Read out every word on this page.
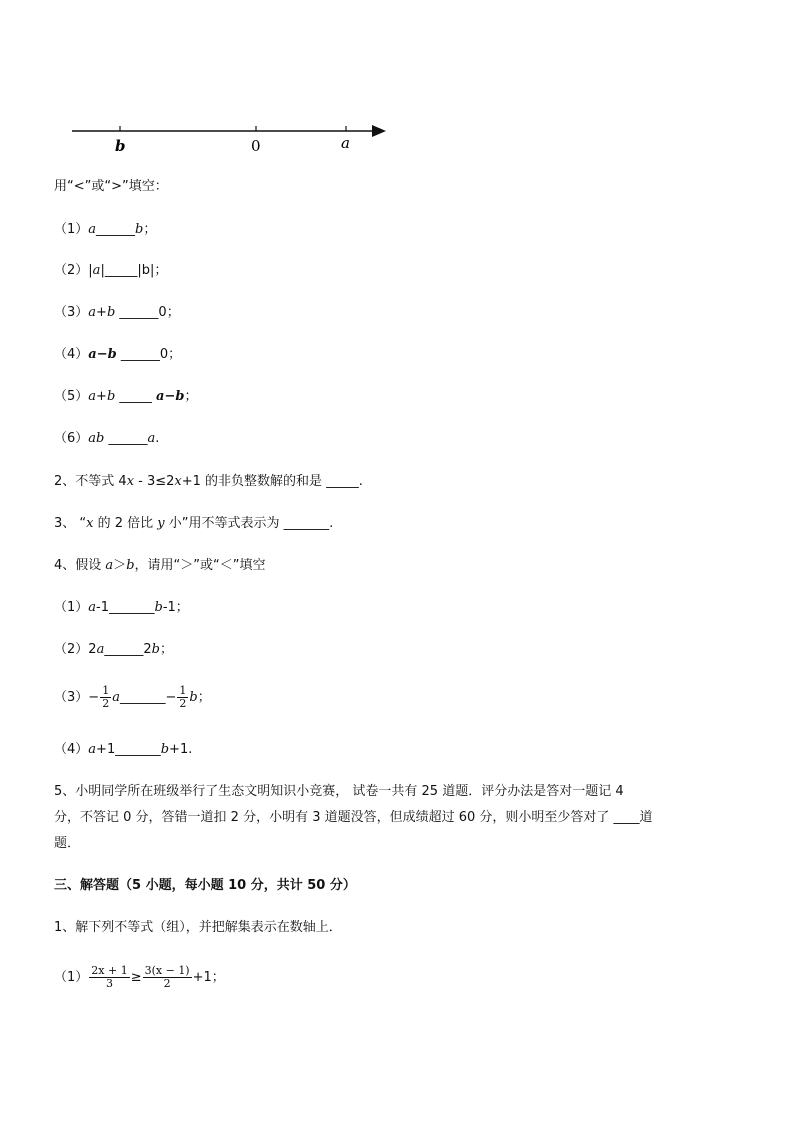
b	0	a
用“<”或“>”填空：
（1）a______b；
（2）|a|_____|b|；
（3）a+b ______0；
（4）a−b ______0；
（5）a+b _____ a−b；
（6）ab ______a.
2、不等式 4x - 3≤2x+1 的非负整数解的和是 _____.
3、 “x 的 2 倍比 y 小”用不等式表示为 _______.
4、假设 a＞b，请用“＞”或“＜”填空
（1）a-1_______b-1；
（2）2a______2b；
$(3)- \frac{1}{2}$ a_______− $\frac{1}{2}$ b；
（4）a+1_______b+1.
5、小明同学所在班级举行了生态文明知识小竞赛， 试卷一共有 25 道题．评分办法是答对一题记 4
分，不答记 0 分，答错一道扣 2 分，小明有 3 道题没答，但成绩超过 60 分，则小明至少答对了 ____道
题．
三、解答题（5 小题，每小题 10 分，共计 50 分）
1、解下列不等式（组），并把解集表示在数轴上．
$(1) \frac{2x + 1}{3} \ge \frac{3(x - 1)}{2} +1$；
